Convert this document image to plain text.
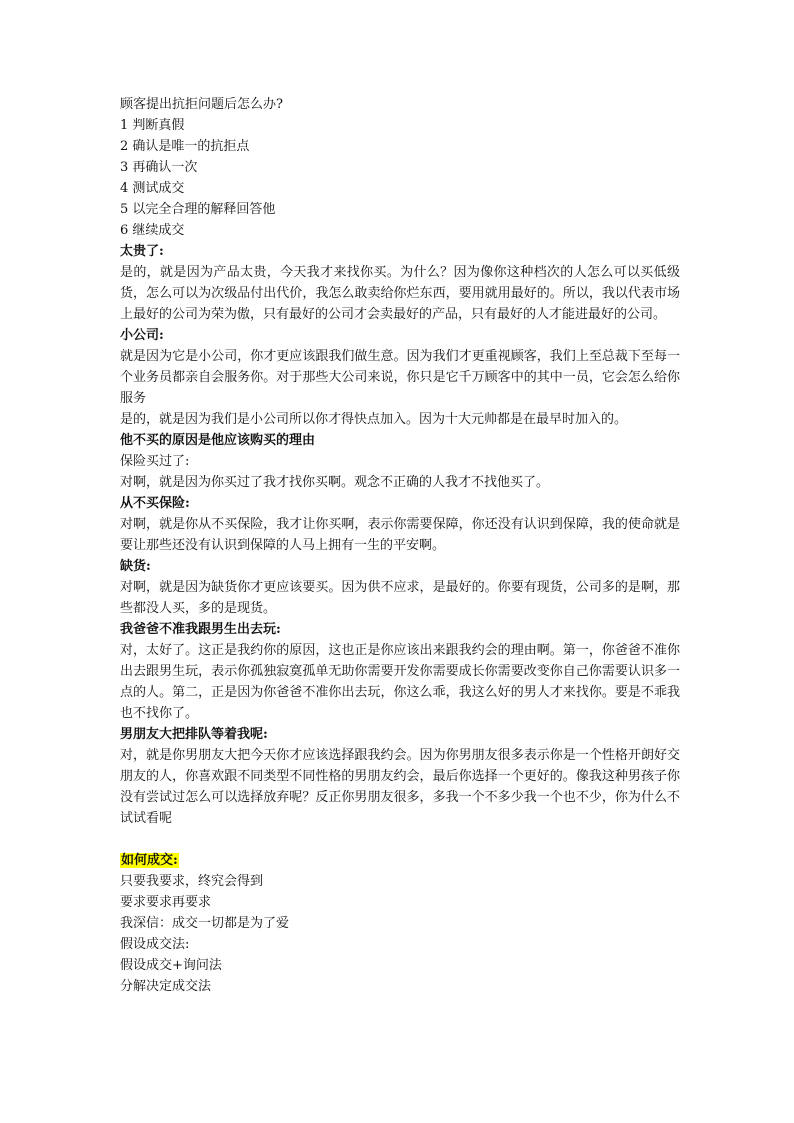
顾客提出抗拒问题后怎么办?

1 判断真假

2 确认是唯一的抗拒点

3 再确认一次

4 测试成交

5 以完全合理的解释回答他

6 继续成交

太贵了:

是的，就是因为产品太贵，今天我才来找你买。为什么？因为像你这种档次的人怎么可以买低级货，怎么可以为次级品付出代价，我怎么敢卖给你烂东西，要用就用最好的。所以，我以代表市场上最好的公司为荣为傲，只有最好的公司才会卖最好的产品，只有最好的人才能进最好的公司。

小公司:

就是因为它是小公司，你才更应该跟我们做生意。因为我们才更重视顾客，我们上至总裁下至每一个业务员都亲自会服务你。对于那些大公司来说，你只是它千万顾客中的其中一员，它会怎么给你服务

是的，就是因为我们是小公司所以你才得快点加入。因为十大元帅都是在最早时加入的。

他不买的原因是他应该购买的理由

保险买过了:

对啊，就是因为你买过了我才找你买啊。观念不正确的人我才不找他买了。

从不买保险:

对啊，就是你从不买保险，我才让你买啊，表示你需要保障，你还没有认识到保障，我的使命就是要让那些还没有认识到保障的人马上拥有一生的平安啊。

缺货:

对啊，就是因为缺货你才更应该要买。因为供不应求，是最好的。你要有现货，公司多的是啊，那些都没人买，多的是现货。

我爸爸不准我跟男生出去玩:

对，太好了。这正是我约你的原因，这也正是你应该出来跟我约会的理由啊。第一，你爸爸不准你出去跟男生玩，表示你孤独寂寞孤单无助你需要开发你需要成长你需要改变你自己你需要认识多一点的人。第二，正是因为你爸爸不准你出去玩，你这么乖，我这么好的男人才来找你。要是不乖我也不找你了。

男朋友大把排队等着我呢:

对，就是你男朋友大把今天你才应该选择跟我约会。因为你男朋友很多表示你是一个性格开朗好交朋友的人，你喜欢跟不同类型不同性格的男朋友约会，最后你选择一个更好的。像我这种男孩子你没有尝试过怎么可以选择放弃呢？反正你男朋友很多，多我一个不多少我一个也不少，你为什么不试试看呢

如何成交:

只要我要求，终究会得到

要求要求再要求

我深信：成交一切都是为了爱

假设成交法:

假设成交+询问法

分解决定成交法
